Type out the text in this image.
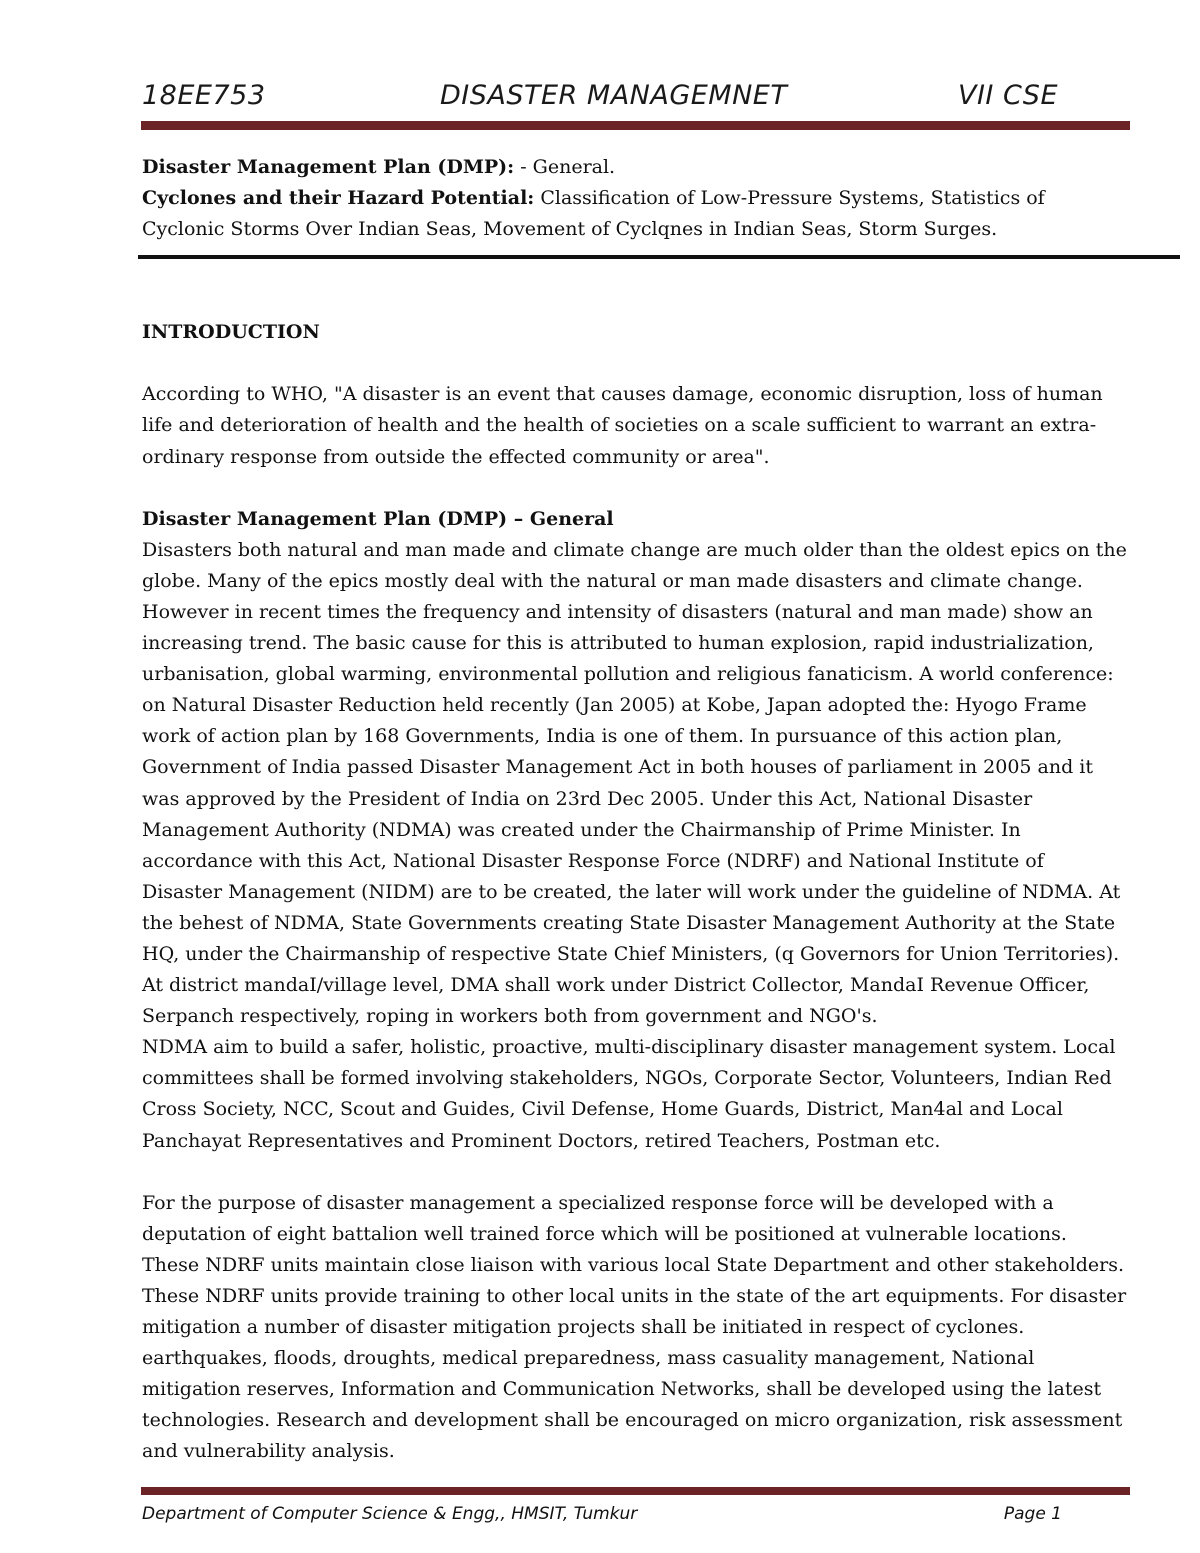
18EE753	DISASTER MANAGEMNET	VII CSE

Disaster Management Plan (DMP): - General.

Cyclones and their Hazard Potential: Classification of Low-Pressure Systems, Statistics of Cyclonic Storms Over Indian Seas, Movement of Cyclqnes in Indian Seas, Storm Surges.

INTRODUCTION

According to WHO, "A disaster is an event that causes damage, economic disruption, loss of human life and deterioration of health and the health of societies on a scale sufficient to warrant an extra-ordinary response from outside the effected community or area".

Disaster Management Plan (DMP) – General

Disasters both natural and man made and climate change are much older than the oldest epics on the globe. Many of the epics mostly deal with the natural or man made disasters and climate change. However in recent times the frequency and intensity of disasters (natural and man made) show an increasing trend. The basic cause for this is attributed to human explosion, rapid industrialization, urbanisation, global warming, environmental pollution and religious fanaticism. A world conference: on Natural Disaster Reduction held recently (Jan 2005) at Kobe, Japan adopted the: Hyogo Frame work of action plan by 168 Governments, India is one of them. In pursuance of this action plan, Government of India passed Disaster Management Act in both houses of parliament in 2005 and it was approved by the President of India on 23rd Dec 2005. Under this Act, National Disaster Management Authority (NDMA) was created under the Chairmanship of Prime Minister. In accordance with this Act, National Disaster Response Force (NDRF) and National Institute of Disaster Management (NIDM) are to be created, the later will work under the guideline of NDMA. At the behest of NDMA, State Governments creating State Disaster Management Authority at the State HQ, under the Chairmanship of respective State Chief Ministers, (q Governors for Union Territories). At district mandaI/village level, DMA shall work under District Collector, MandaI Revenue Officer, Serpanch respectively, roping in workers both from government and NGO's.

NDMA aim to build a safer, holistic, proactive, multi-disciplinary disaster management system. Local committees shall be formed involving stakeholders, NGOs, Corporate Sector, Volunteers, Indian Red Cross Society, NCC, Scout and Guides, Civil Defense, Home Guards, District, Man4al and Local Panchayat Representatives and Prominent Doctors, retired Teachers, Postman etc.

For the purpose of disaster management a specialized response force will be developed with a deputation of eight battalion well trained force which will be positioned at vulnerable locations. These NDRF units maintain close liaison with various local State Department and other stakeholders. These NDRF units provide training to other local units in the state of the art equipments. For disaster mitigation a number of disaster mitigation projects shall be initiated in respect of cyclones. earthquakes, floods, droughts, medical preparedness, mass casuality management, National mitigation reserves, Information and Communication Networks, shall be developed using the latest technologies. Research and development shall be encouraged on micro organization, risk assessment and vulnerability analysis.

Department of Computer Science & Engg,, HMSIT, Tumkur	Page 1
